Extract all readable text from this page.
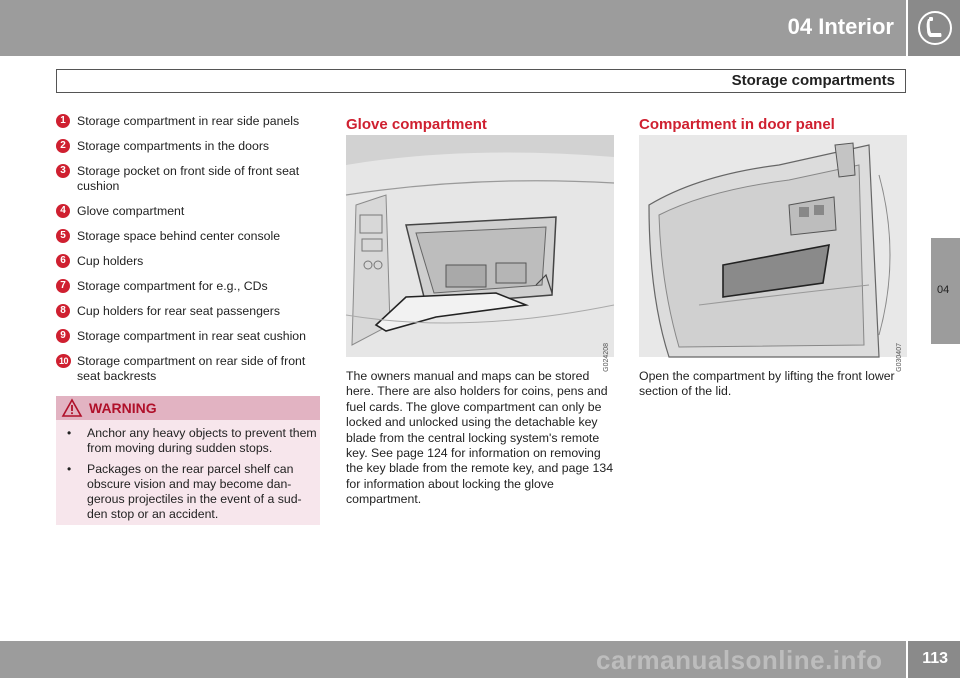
04 Interior
Storage compartments
04
1 Storage compartment in rear side panels
2 Storage compartments in the doors
3 Storage pocket on front side of front seat cushion
4 Glove compartment
5 Storage space behind center console
6 Cup holders
7 Storage compartment for e.g., CDs
8 Cup holders for rear seat passengers
9 Storage compartment in rear seat cushion
10 Storage compartment on rear side of front seat backrests
WARNING
• Anchor any heavy objects to prevent them from moving during sudden stops.
• Packages on the rear parcel shelf can obscure vision and may become dan-gerous projectiles in the event of a sud-den stop or an accident.
Glove compartment
G024208
The owners manual and maps can be stored here. There are also holders for coins, pens and fuel cards. The glove compartment can only be locked and unlocked using the detachable key blade from the central locking system's remote key. See page 124 for information on removing the key blade from the remote key, and page 134 for information about locking the glove compartment.
Compartment in door panel
G030407
Open the compartment by lifting the front lower section of the lid.
carmanualsonline.info 113
